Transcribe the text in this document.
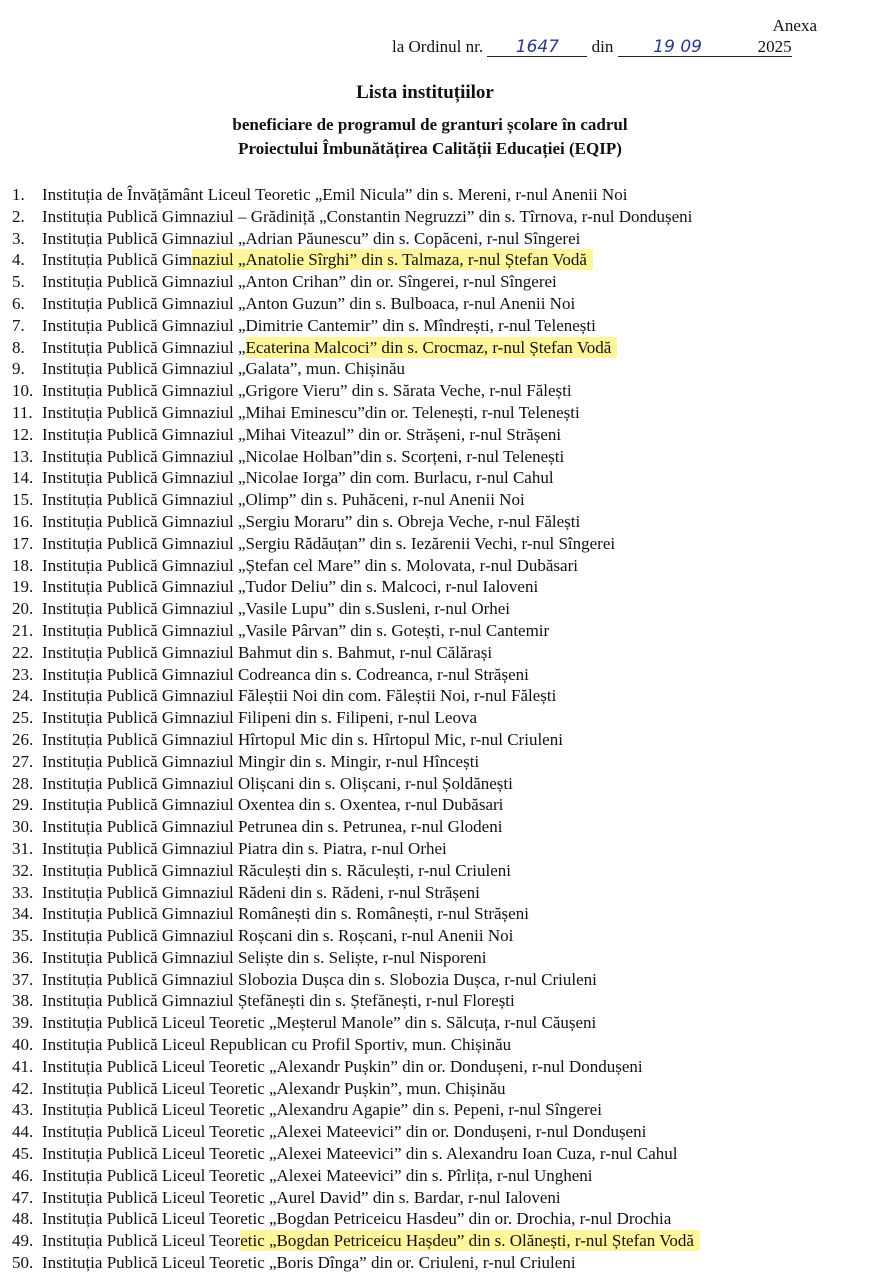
Anexa
la Ordinul nr. 1647 din 19 09	2025
Lista instituțiilor
beneficiare de programul de granturi școlare în cadrul
Proiectului Îmbunătățirea Calității Educației (EQIP)
1. Instituția de Învățământ Liceul Teoretic „Emil Nicula” din s. Mereni, r-nul Anenii Noi
2. Instituția Publică Gimnaziul – Grădiniță „Constantin Negruzzi” din s. Tîrnova, r-nul Dondușeni
3. Instituția Publică Gimnaziul „Adrian Păunescu” din s. Copăceni, r-nul Sîngerei
4. Instituția Publică Gimnaziul „Anatolie Sîrghi” din s. Talmaza, r-nul Ștefan Vodă
5. Instituția Publică Gimnaziul „Anton Crihan” din or. Sîngerei, r-nul Sîngerei
6. Instituția Publică Gimnaziul „Anton Guzun” din s. Bulboaca, r-nul Anenii Noi
7. Instituția Publică Gimnaziul „Dimitrie Cantemir” din s. Mîndrești, r-nul Telenești
8. Instituția Publică Gimnaziul „Ecaterina Malcoci” din s. Crocmaz, r-nul Ștefan Vodă
9. Instituția Publică Gimnaziul „Galata”, mun. Chișinău
10. Instituția Publică Gimnaziul „Grigore Vieru” din s. Sărata Veche, r-nul Fălești
11. Instituția Publică Gimnaziul „Mihai Eminescu”din or. Telenești, r-nul Telenești
12. Instituția Publică Gimnaziul „Mihai Viteazul” din or. Strășeni, r-nul Strășeni
13. Instituția Publică Gimnaziul „Nicolae Holban”din s. Scorțeni, r-nul Telenești
14. Instituția Publică Gimnaziul „Nicolae Iorga” din com. Burlacu, r-nul Cahul
15. Instituția Publică Gimnaziul „Olimp” din s. Puhăceni, r-nul Anenii Noi
16. Instituția Publică Gimnaziul „Sergiu Moraru” din s. Obreja Veche, r-nul Fălești
17. Instituția Publică Gimnaziul „Sergiu Rădăuțan” din s. Iezărenii Vechi, r-nul Sîngerei
18. Instituția Publică Gimnaziul „Ștefan cel Mare” din s. Molovata, r-nul Dubăsari
19. Instituția Publică Gimnaziul „Tudor Deliu” din s. Malcoci, r-nul Ialoveni
20. Instituția Publică Gimnaziul „Vasile Lupu” din s.Susleni, r-nul Orhei
21. Instituția Publică Gimnaziul „Vasile Pârvan” din s. Gotești, r-nul Cantemir
22. Instituția Publică Gimnaziul Bahmut din s. Bahmut, r-nul Călărași
23. Instituția Publică Gimnaziul Codreanca din s. Codreanca, r-nul Strășeni
24. Instituția Publică Gimnaziul Făleștii Noi din com. Făleștii Noi, r-nul Fălești
25. Instituția Publică Gimnaziul Filipeni din s. Filipeni, r-nul Leova
26. Instituția Publică Gimnaziul Hîrtopul Mic din s. Hîrtopul Mic, r-nul Criuleni
27. Instituția Publică Gimnaziul Mingir din s. Mingir, r-nul Hîncești
28. Instituția Publică Gimnaziul Olișcani din s. Olișcani, r-nul Șoldănești
29. Instituția Publică Gimnaziul Oxentea din s. Oxentea, r-nul Dubăsari
30. Instituția Publică Gimnaziul Petrunea din s. Petrunea, r-nul Glodeni
31. Instituția Publică Gimnaziul Piatra din s. Piatra, r-nul Orhei
32. Instituția Publică Gimnaziul Răculești din s. Răculești, r-nul Criuleni
33. Instituția Publică Gimnaziul Rădeni din s. Rădeni, r-nul Strășeni
34. Instituția Publică Gimnaziul Românești din s. Românești, r-nul Strășeni
35. Instituția Publică Gimnaziul Roșcani din s. Roșcani, r-nul Anenii Noi
36. Instituția Publică Gimnaziul Seliște din s. Seliște, r-nul Nisporeni
37. Instituția Publică Gimnaziul Slobozia Dușca din s. Slobozia Dușca, r-nul Criuleni
38. Instituția Publică Gimnaziul Ștefănești din s. Ștefănești, r-nul Florești
39. Instituția Publică Liceul Teoretic „Meșterul Manole” din s. Sălcuța, r-nul Căușeni
40. Instituția Publică Liceul Republican cu Profil Sportiv, mun. Chișinău
41. Instituția Publică Liceul Teoretic „Alexandr Pușkin” din or. Dondușeni, r-nul Dondușeni
42. Instituția Publică Liceul Teoretic „Alexandr Pușkin”, mun. Chișinău
43. Instituția Publică Liceul Teoretic „Alexandru Agapie” din s. Pepeni, r-nul Sîngerei
44. Instituția Publică Liceul Teoretic „Alexei Mateevici” din or. Dondușeni, r-nul Dondușeni
45. Instituția Publică Liceul Teoretic „Alexei Mateevici” din s. Alexandru Ioan Cuza, r-nul Cahul
46. Instituția Publică Liceul Teoretic „Alexei Mateevici” din s. Pîrlița, r-nul Ungheni
47. Instituția Publică Liceul Teoretic „Aurel David” din s. Bardar, r-nul Ialoveni
48. Instituția Publică Liceul Teoretic „Bogdan Petriceicu Hasdeu” din or. Drochia, r-nul Drochia
49. Instituția Publică Liceul Teoretic „Bogdan Petriceicu Hașdeu” din s. Olănești, r-nul Ștefan Vodă
50. Instituția Publică Liceul Teoretic „Boris Dînga” din or. Criuleni, r-nul Criuleni
